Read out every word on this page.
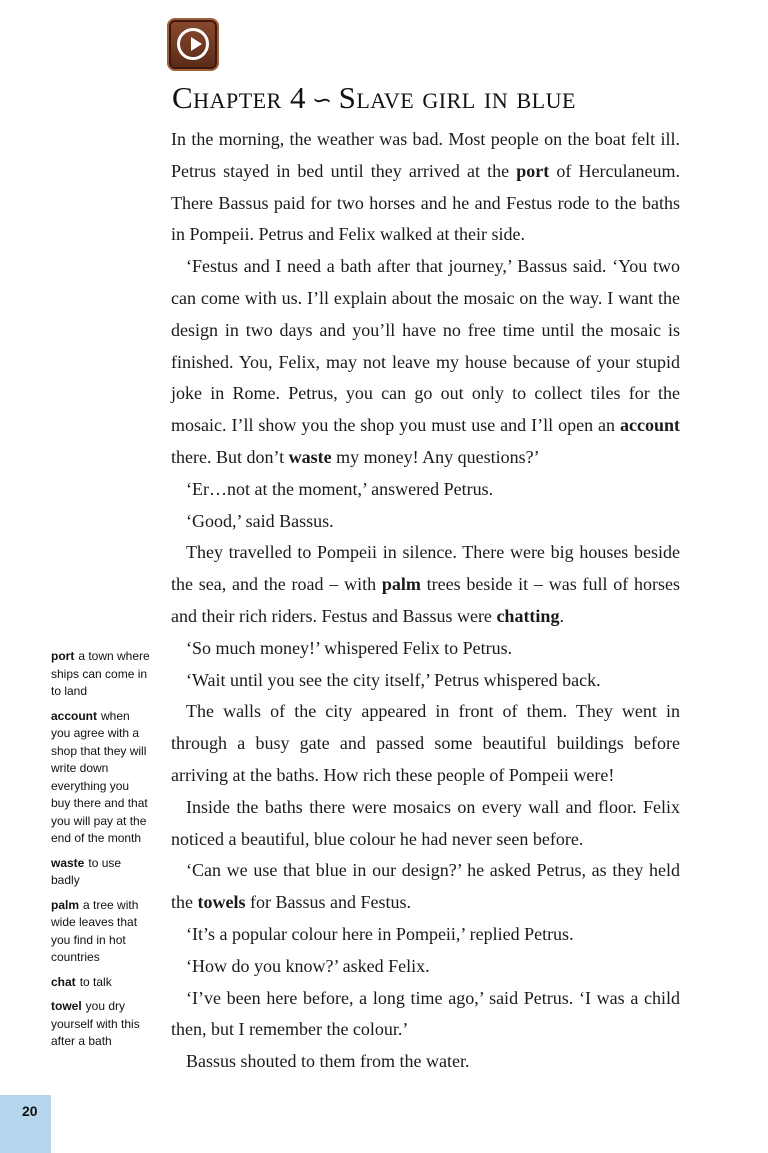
Chapter 4 ∽ Slave girl in blue

In the morning, the weather was bad. Most people on the boat felt ill. Petrus stayed in bed until they arrived at the port of Herculaneum. There Bassus paid for two horses and he and Festus rode to the baths in Pompeii. Petrus and Felix walked at their side.

‘Festus and I need a bath after that journey,’ Bassus said. ‘You two can come with us. I’ll explain about the mosaic on the way. I want the design in two days and you’ll have no free time until the mosaic is finished. You, Felix, may not leave my house because of your stupid joke in Rome. Petrus, you can go out only to collect tiles for the mosaic. I’ll show you the shop you must use and I’ll open an account there. But don’t waste my money! Any questions?’

‘Er…not at the moment,’ answered Petrus.

‘Good,’ said Bassus.

They travelled to Pompeii in silence. There were big houses beside the sea, and the road – with palm trees beside it – was full of horses and their rich riders. Festus and Bassus were chatting.

‘So much money!’ whispered Felix to Petrus.

‘Wait until you see the city itself,’ Petrus whispered back.

The walls of the city appeared in front of them. They went in through a busy gate and passed some beautiful buildings before arriving at the baths. How rich these people of Pompeii were!

Inside the baths there were mosaics on every wall and floor. Felix noticed a beautiful, blue colour he had never seen before.

‘Can we use that blue in our design?’ he asked Petrus, as they held the towels for Bassus and Festus.

‘It’s a popular colour here in Pompeii,’ replied Petrus.

‘How do you know?’ asked Felix.

‘I’ve been here before, a long time ago,’ said Petrus. ‘I was a child then, but I remember the colour.’

Bassus shouted to them from the water.

port a town where ships can come in to land
account when you agree with a shop that they will write down everything you buy there and that you will pay at the end of the month
waste to use badly
palm a tree with wide leaves that you find in hot countries
chat to talk
towel you dry yourself with this after a bath
20
